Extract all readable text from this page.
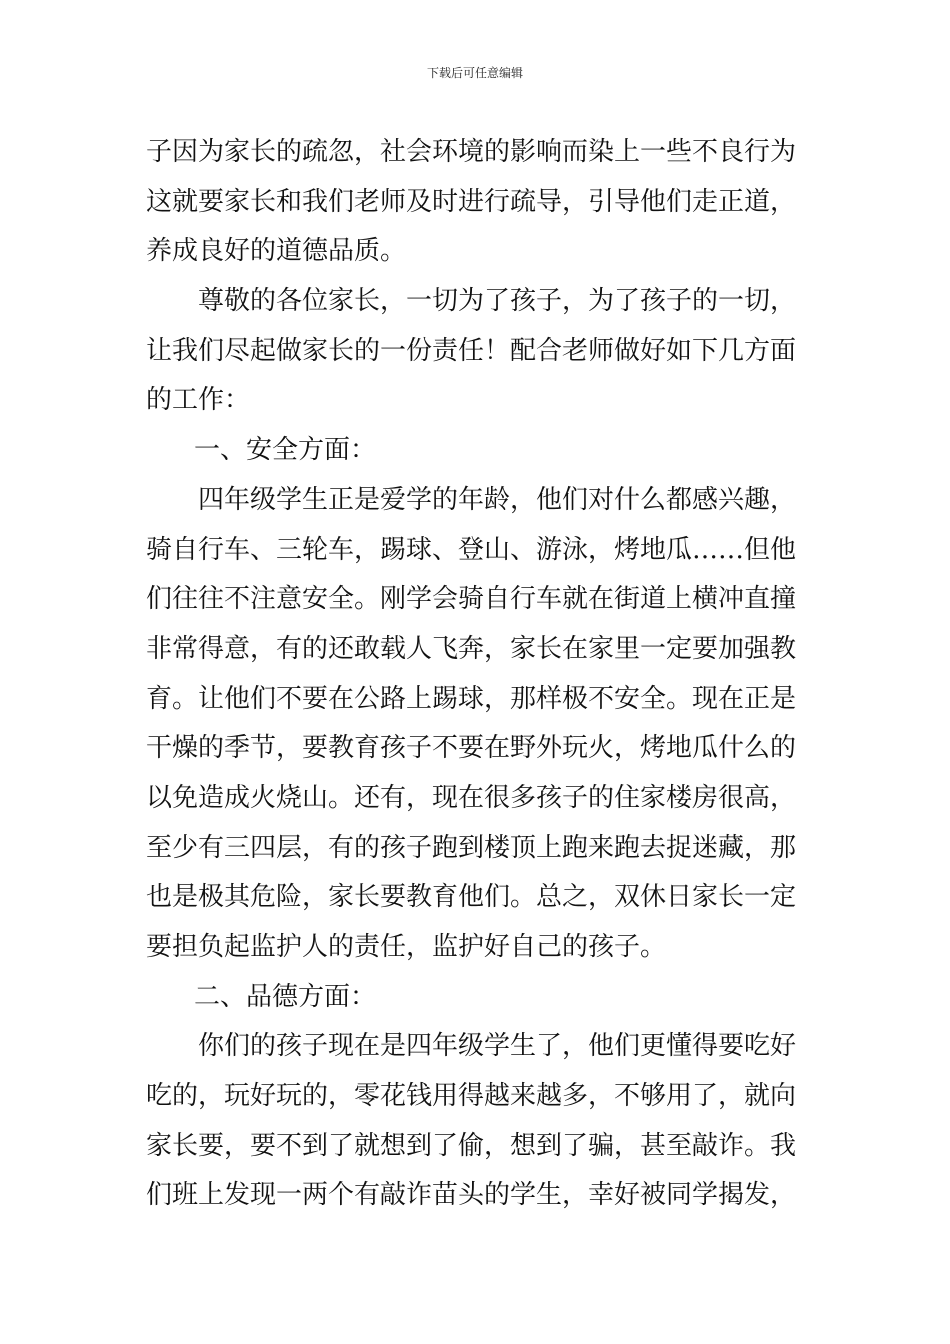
下载后可任意编辑
子因为家长的疏忽，社会环境的影响而染上一些不良行为
这就要家长和我们老师及时进行疏导，引导他们走正道，
养成良好的道德品质。
尊敬的各位家长，一切为了孩子，为了孩子的一切，
让我们尽起做家长的一份责任！配合老师做好如下几方面
的工作：
一、安全方面：
四年级学生正是爱学的年龄，他们对什么都感兴趣，
骑自行车、三轮车，踢球、登山、游泳，烤地瓜……但他
们往往不注意安全。刚学会骑自行车就在街道上横冲直撞
非常得意，有的还敢载人飞奔，家长在家里一定要加强教
育。让他们不要在公路上踢球，那样极不安全。现在正是
干燥的季节，要教育孩子不要在野外玩火，烤地瓜什么的
以免造成火烧山。还有，现在很多孩子的住家楼房很高，
至少有三四层，有的孩子跑到楼顶上跑来跑去捉迷藏，那
也是极其危险，家长要教育他们。总之，双休日家长一定
要担负起监护人的责任，监护好自己的孩子。
二、品德方面：
你们的孩子现在是四年级学生了，他们更懂得要吃好
吃的，玩好玩的，零花钱用得越来越多，不够用了，就向
家长要，要不到了就想到了偷，想到了骗，甚至敲诈。我
们班上发现一两个有敲诈苗头的学生，幸好被同学揭发，
